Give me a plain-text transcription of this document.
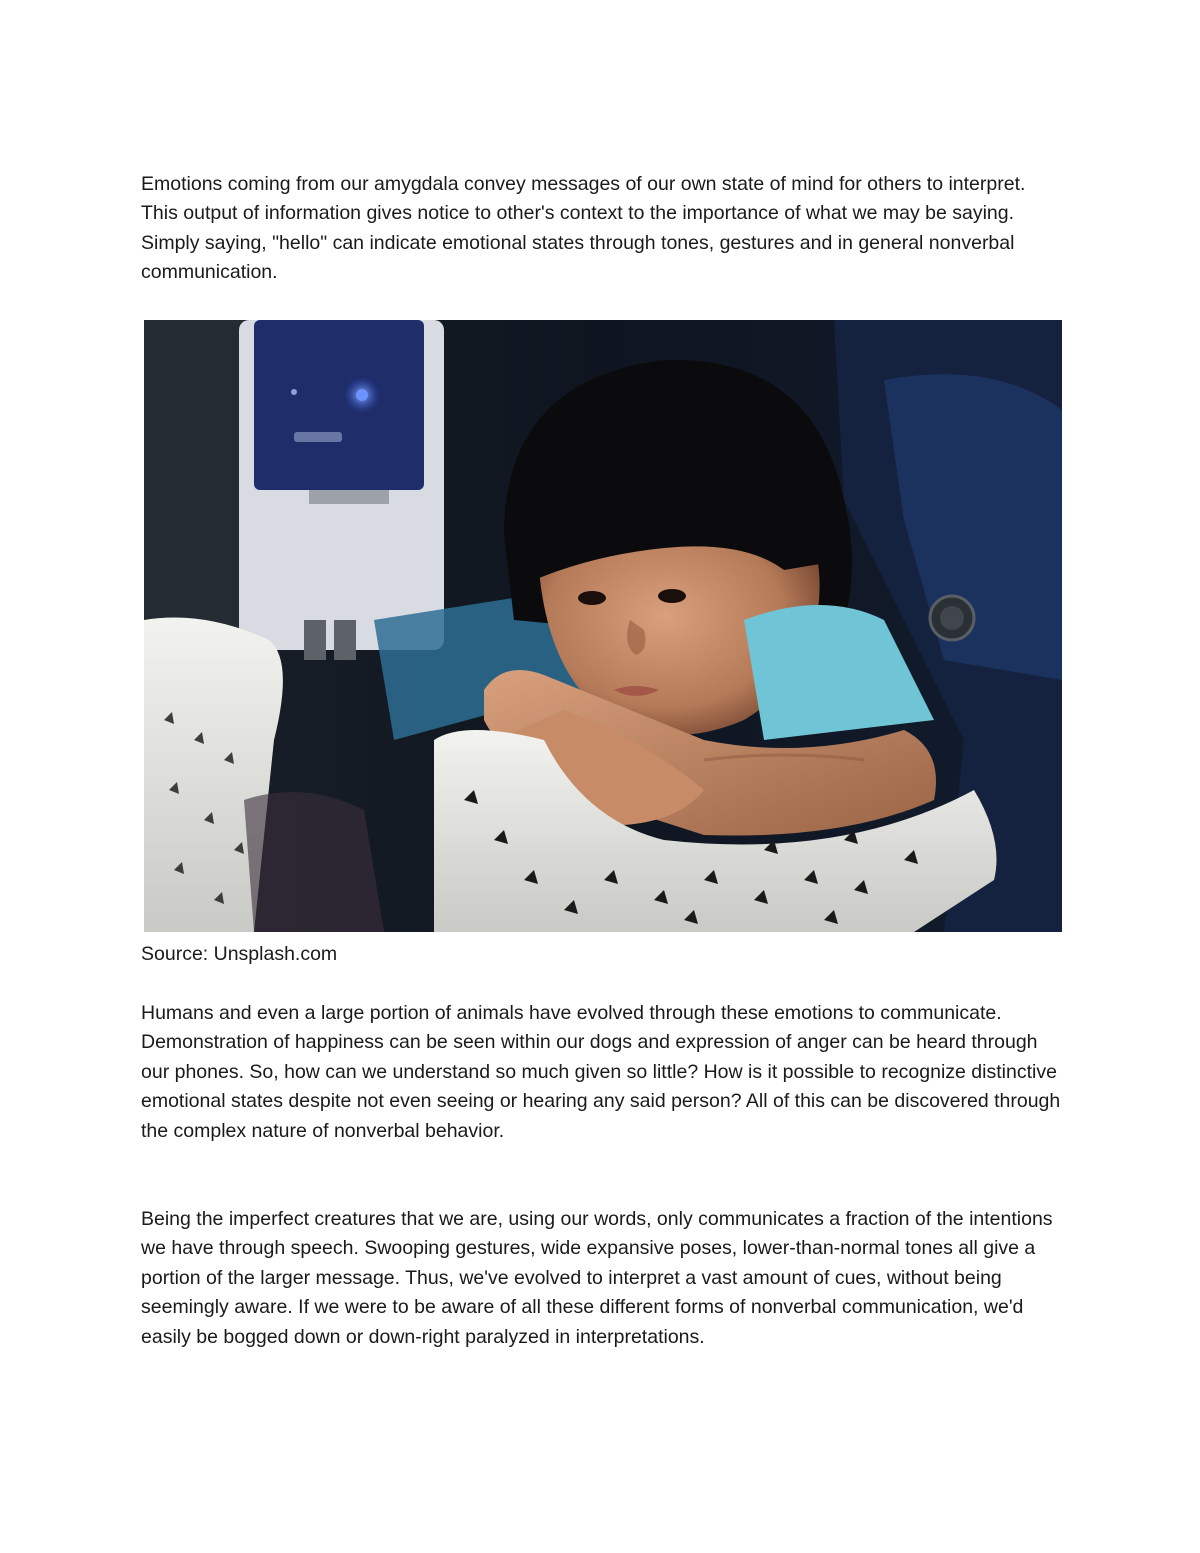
Emotions coming from our amygdala convey messages of our own state of mind for others to interpret. This output of information gives notice to other's context to the importance of what we may be saying. Simply saying, "hello" can indicate emotional states through tones, gestures and in general nonverbal communication.

Source: Unsplash.com

Humans and even a large portion of animals have evolved through these emotions to communicate. Demonstration of happiness can be seen within our dogs and expression of anger can be heard through our phones. So, how can we understand so much given so little? How is it possible to recognize distinctive emotional states despite not even seeing or hearing any said person? All of this can be discovered through the complex nature of nonverbal behavior.

Being the imperfect creatures that we are, using our words, only communicates a fraction of the intentions we have through speech. Swooping gestures, wide expansive poses, lower-than-normal tones all give a portion of the larger message. Thus, we've evolved to interpret a vast amount of cues, without being seemingly aware. If we were to be aware of all these different forms of nonverbal communication, we'd easily be bogged down or down-right paralyzed in interpretations.
